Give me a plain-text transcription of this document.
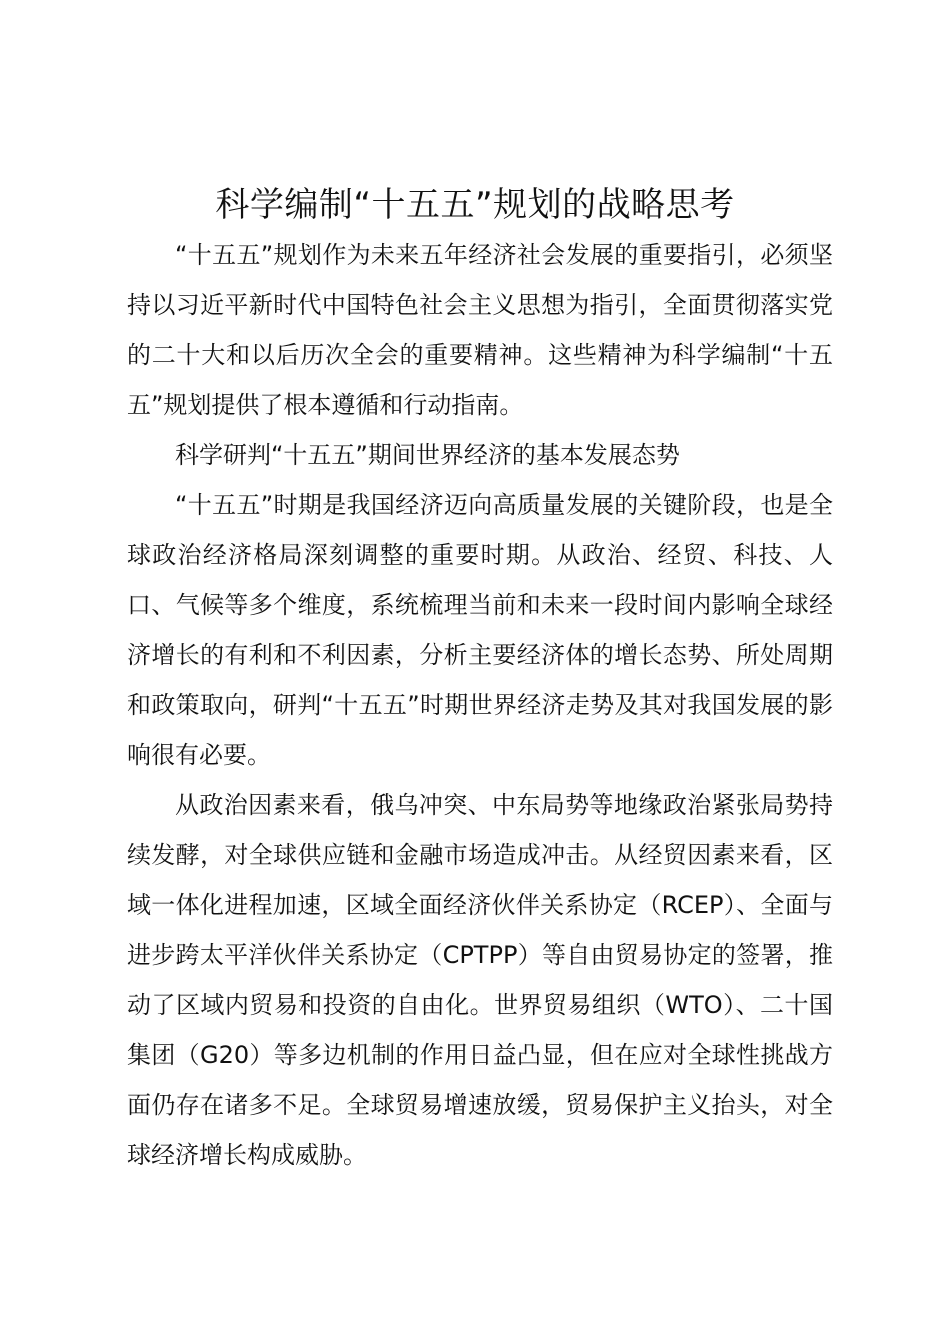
科学编制“十五五”规划的战略思考

“十五五”规划作为未来五年经济社会发展的重要指引，必须坚持以习近平新时代中国特色社会主义思想为指引，全面贯彻落实党的二十大和以后历次全会的重要精神。这些精神为科学编制“十五五”规划提供了根本遵循和行动指南。

科学研判“十五五”期间世界经济的基本发展态势

“十五五”时期是我国经济迈向高质量发展的关键阶段，也是全球政治经济格局深刻调整的重要时期。从政治、经贸、科技、人口、气候等多个维度，系统梳理当前和未来一段时间内影响全球经济增长的有利和不利因素，分析主要经济体的增长态势、所处周期和政策取向，研判“十五五”时期世界经济走势及其对我国发展的影响很有必要。

从政治因素来看，俄乌冲突、中东局势等地缘政治紧张局势持续发酵，对全球供应链和金融市场造成冲击。从经贸因素来看，区域一体化进程加速，区域全面经济伙伴关系协定（RCEP）、全面与进步跨太平洋伙伴关系协定（CPTPP）等自由贸易协定的签署，推动了区域内贸易和投资的自由化。世界贸易组织（WTO）、二十国集团（G20）等多边机制的作用日益凸显，但在应对全球性挑战方面仍存在诸多不足。全球贸易增速放缓，贸易保护主义抬头，对全球经济增长构成威胁。
